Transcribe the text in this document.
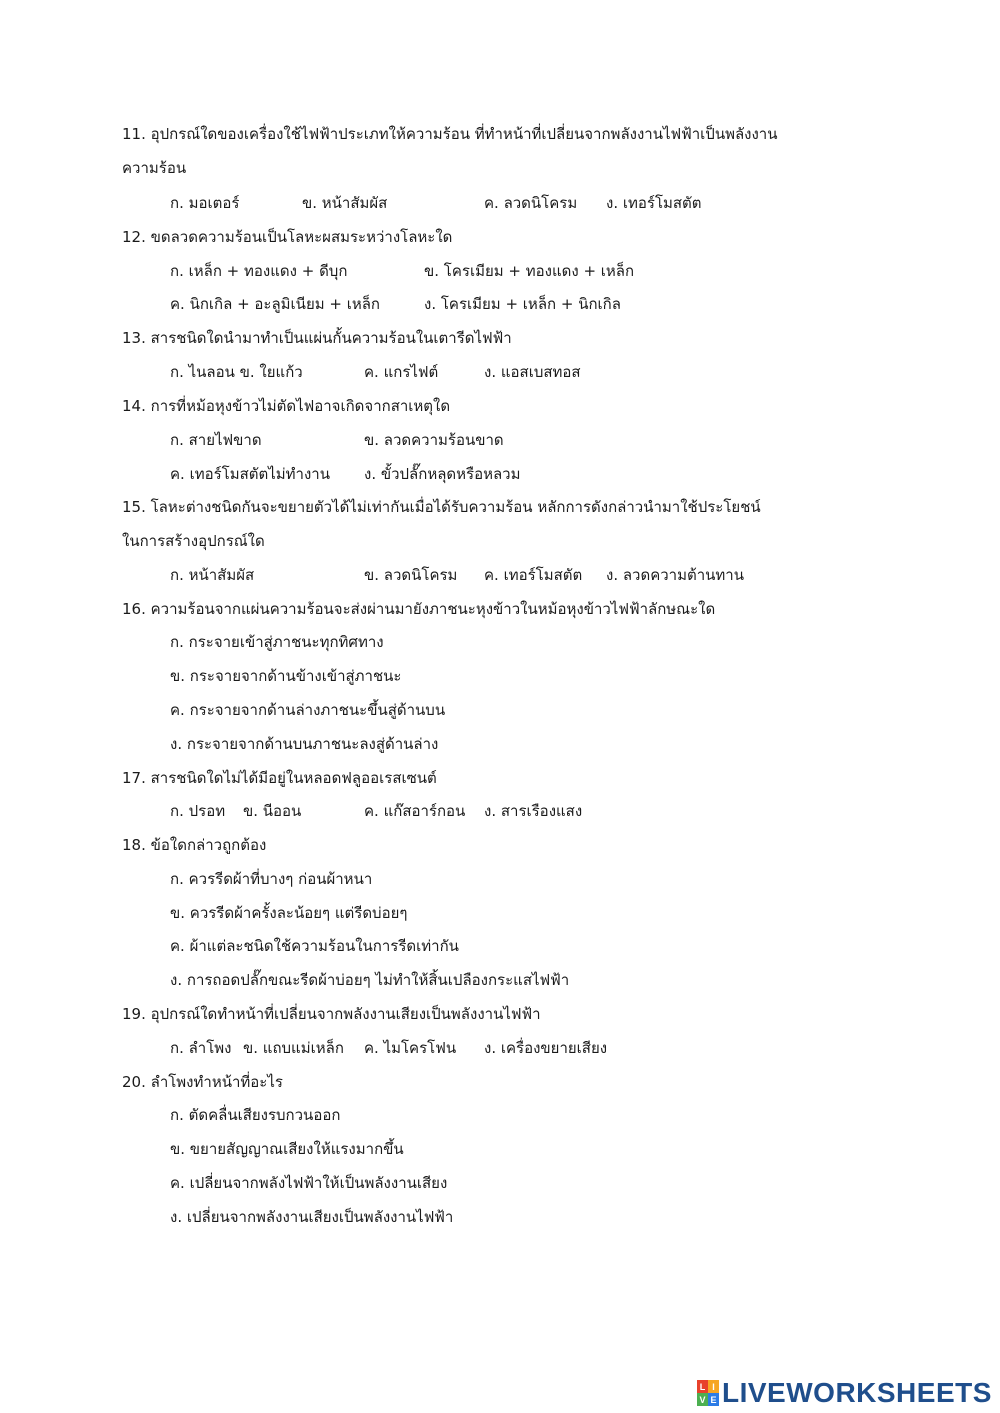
11. อุปกรณ์ใดของเครื่องใช้ไฟฟ้าประเภทให้ความร้อน ที่ทำหน้าที่เปลี่ยนจากพลังงานไฟฟ้าเป็นพลังงาน
ความร้อน
ก. มอเตอร์	ข. หน้าสัมผัส	ค. ลวดนิโครม ง. เทอร์โมสตัต
12. ขดลวดความร้อนเป็นโลหะผสมระหว่างโลหะใด
ก. เหล็ก + ทองแดง + ดีบุก	ข. โครเมียม + ทองแดง + เหล็ก
ค. นิกเกิล + อะลูมิเนียม + เหล็ก	ง. โครเมียม + เหล็ก + นิกเกิล
13. สารชนิดใดนำมาทำเป็นแผ่นกั้นความร้อนในเตารีดไฟฟ้า
ก. ไนลอน ข. ใยแก้ว	ค. แกรไฟต์	ง. แอสเบสทอส
14. การที่หม้อหุงข้าวไม่ตัดไฟอาจเกิดจากสาเหตุใด
ก. สายไฟขาด	ข. ลวดความร้อนขาด
ค. เทอร์โมสตัตไม่ทำงาน ง. ขั้วปลั๊กหลุดหรือหลวม
15. โลหะต่างชนิดกันจะขยายตัวได้ไม่เท่ากันเมื่อได้รับความร้อน หลักการดังกล่าวนำมาใช้ประโยชน์
ในการสร้างอุปกรณ์ใด
ก. หน้าสัมผัส	ข. ลวดนิโครม ค. เทอร์โมสตัต ง. ลวดความต้านทาน
16. ความร้อนจากแผ่นความร้อนจะส่งผ่านมายังภาชนะหุงข้าวในหม้อหุงข้าวไฟฟ้าลักษณะใด
ก. กระจายเข้าสู่ภาชนะทุกทิศทาง
ข. กระจายจากด้านข้างเข้าสู่ภาชนะ
ค. กระจายจากด้านล่างภาชนะขึ้นสู่ด้านบน
ง. กระจายจากด้านบนภาชนะลงสู่ด้านล่าง
17. สารชนิดใดไม่ได้มีอยู่ในหลอดฟลูออเรสเซนต์
ก. ปรอท ข. นีออน	ค. แก๊สอาร์กอน ง. สารเรืองแสง
18. ข้อใดกล่าวถูกต้อง
ก. ควรรีดผ้าที่บางๆ ก่อนผ้าหนา
ข. ควรรีดผ้าครั้งละน้อยๆ แต่รีดบ่อยๆ
ค. ผ้าแต่ละชนิดใช้ความร้อนในการรีดเท่ากัน
ง. การถอดปลั๊กขณะรีดผ้าบ่อยๆ ไม่ทำให้สิ้นเปลืองกระแสไฟฟ้า
19. อุปกรณ์ใดทำหน้าที่เปลี่ยนจากพลังงานเสียงเป็นพลังงานไฟฟ้า
ก. ลำโพง ข. แถบแม่เหล็ก ค. ไมโครโฟน ง. เครื่องขยายเสียง
20. ลำโพงทำหน้าที่อะไร
ก. ตัดคลื่นเสียงรบกวนออก
ข. ขยายสัญญาณเสียงให้แรงมากขึ้น
ค. เปลี่ยนจากพลังไฟฟ้าให้เป็นพลังงานเสียง
ง. เปลี่ยนจากพลังงานเสียงเป็นพลังงานไฟฟ้า
L I
V E LIVEWORKSHEETS
